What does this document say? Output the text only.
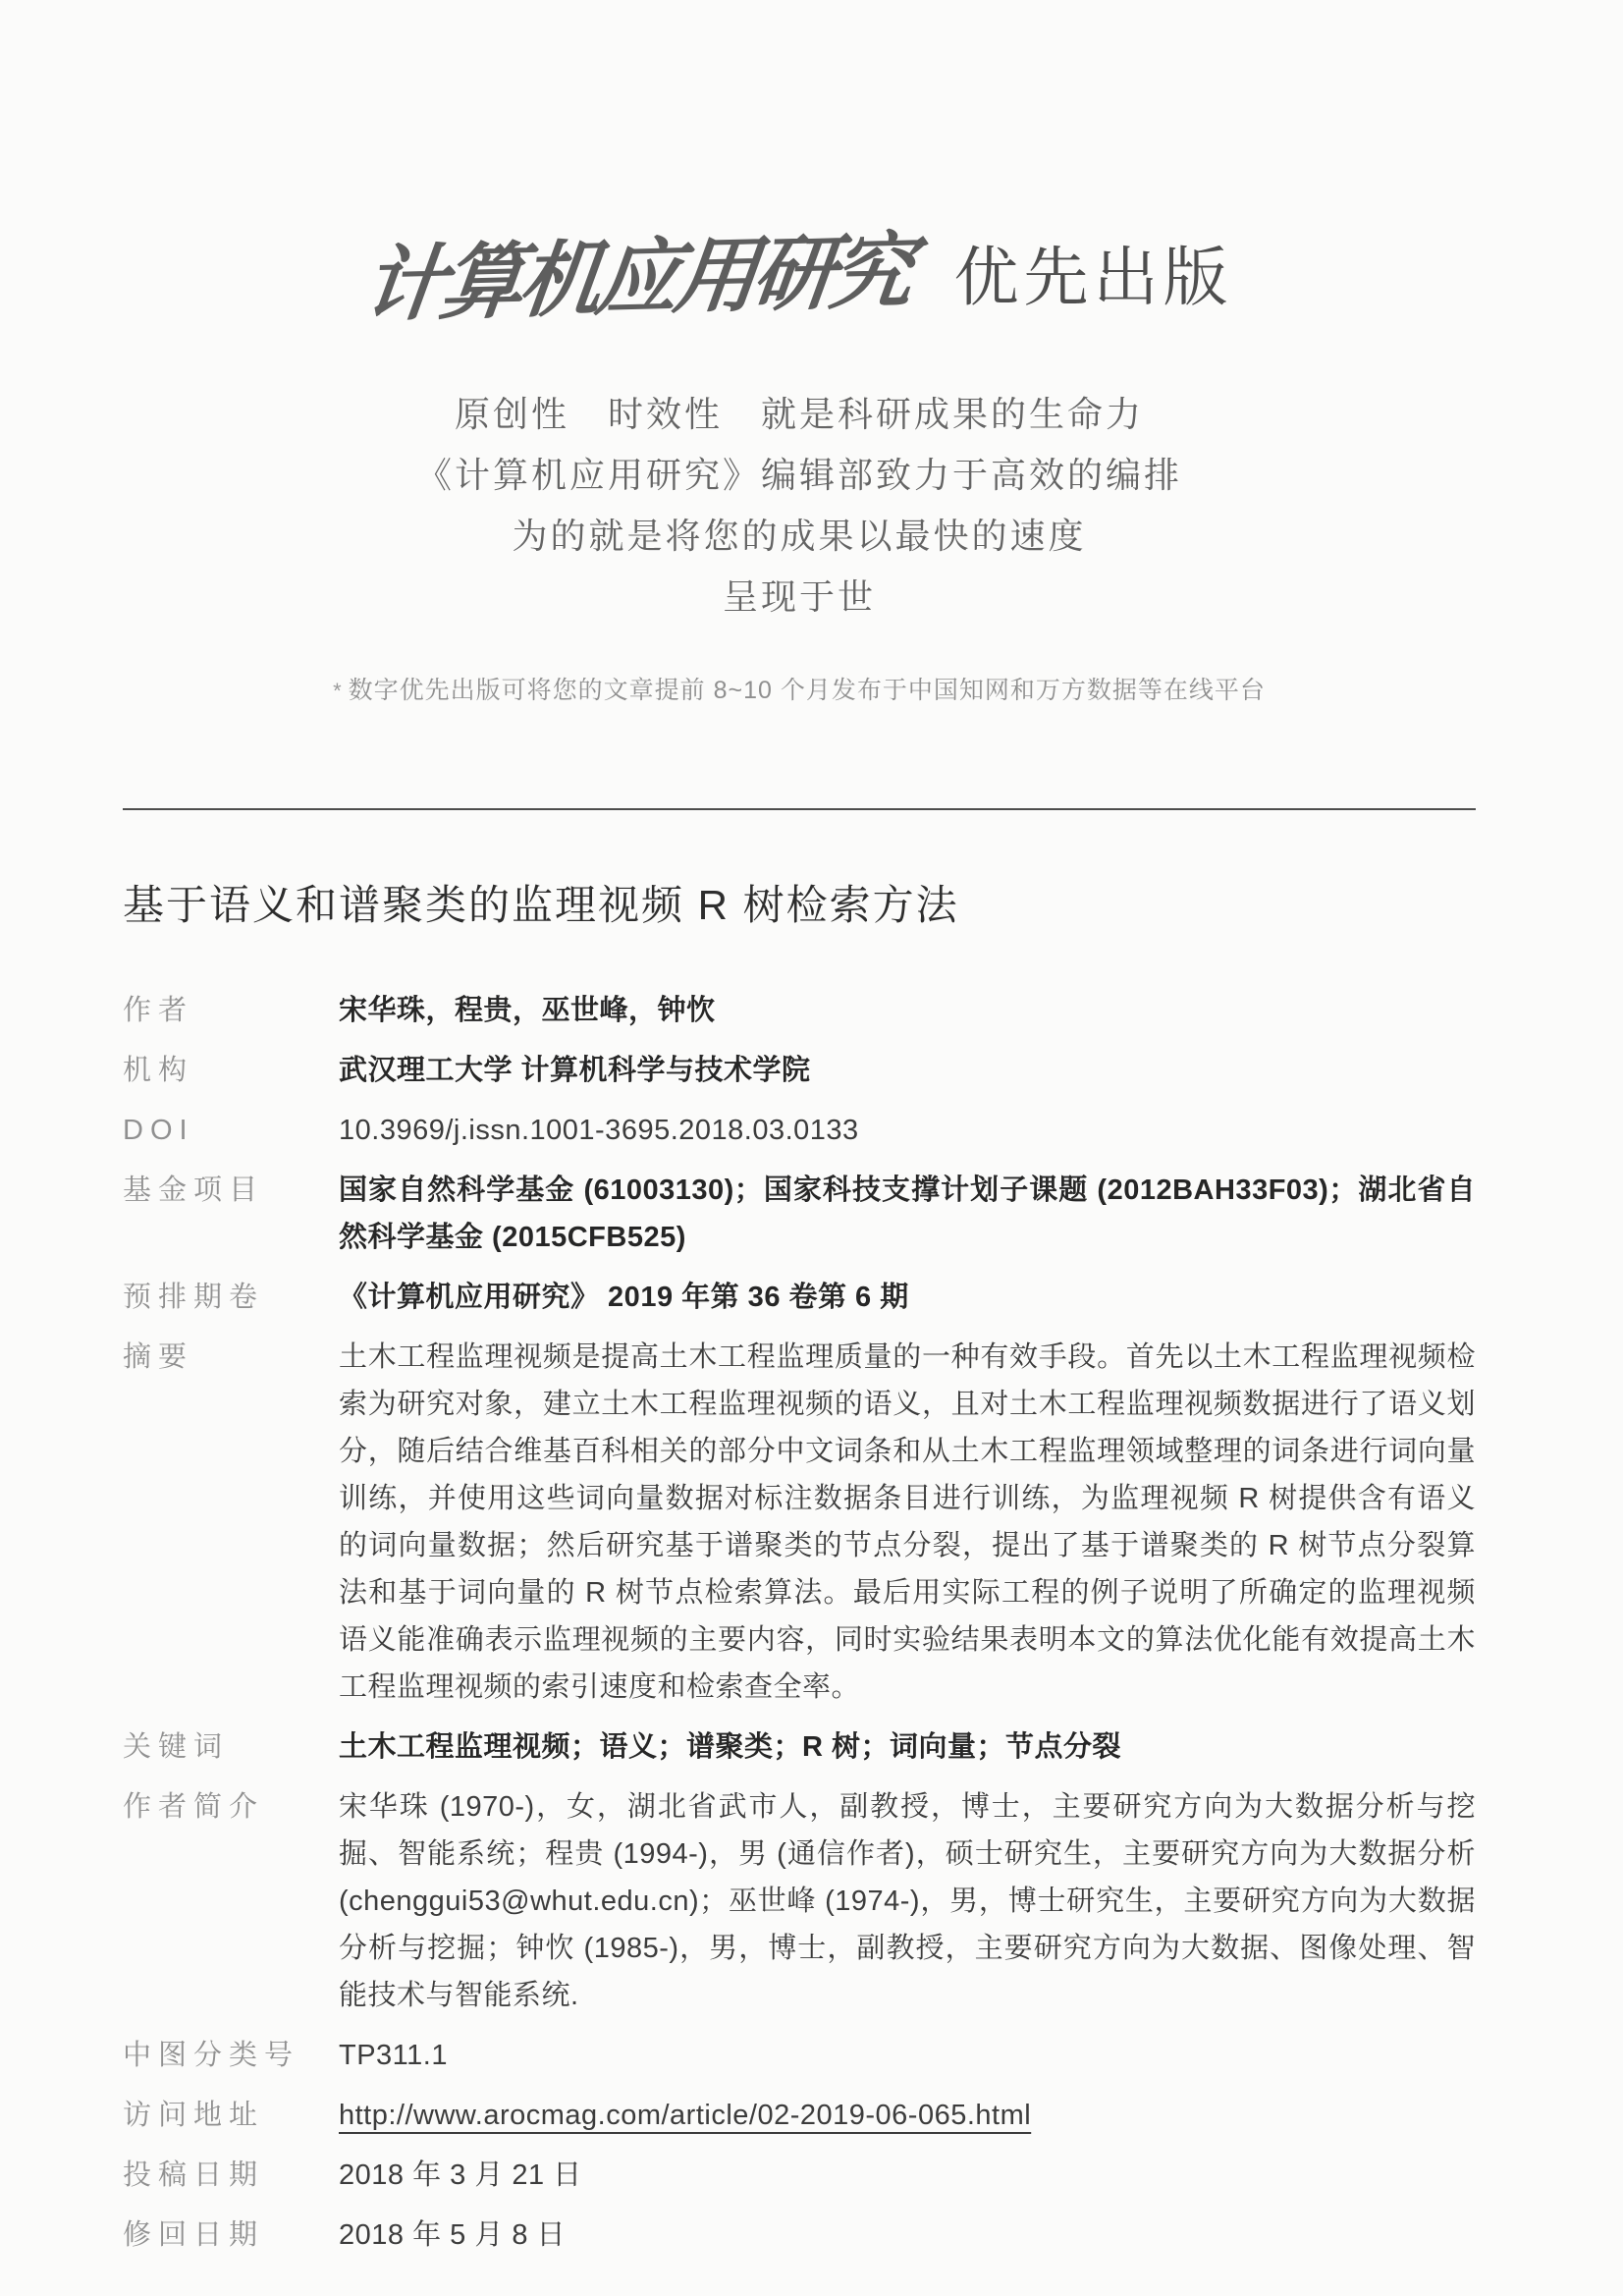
计算机应用研究 优先出版
原创性　时效性　就是科研成果的生命力
《计算机应用研究》编辑部致力于高效的编排
为的就是将您的成果以最快的速度
呈现于世

* 数字优先出版可将您的文章提前 8~10 个月发布于中国知网和万方数据等在线平台

基于语义和谱聚类的监理视频 R 树检索方法
作者	宋华珠，程贵，巫世峰，钟忺
机构	武汉理工大学 计算机科学与技术学院
DOI	10.3969/j.issn.1001-3695.2018.03.0133
基金项目	国家自然科学基金 (61003130)；国家科技支撑计划子课题 (2012BAH33F03)；湖北省自然科学基金 (2015CFB525)
预排期卷	《计算机应用研究》 2019 年第 36 卷第 6 期
摘要	土木工程监理视频是提高土木工程监理质量的一种有效手段。首先以土木工程监理视频检索为研究对象，建立土木工程监理视频的语义，且对土木工程监理视频数据进行了语义划分，随后结合维基百科相关的部分中文词条和从土木工程监理领域整理的词条进行词向量训练，并使用这些词向量数据对标注数据条目进行训练，为监理视频 R 树提供含有语义的词向量数据；然后研究基于谱聚类的节点分裂，提出了基于谱聚类的 R 树节点分裂算法和基于词向量的 R 树节点检索算法。最后用实际工程的例子说明了所确定的监理视频语义能准确表示监理视频的主要内容，同时实验结果表明本文的算法优化能有效提高土木工程监理视频的索引速度和检索查全率。
关键词	土木工程监理视频；语义；谱聚类；R 树；词向量；节点分裂
作者简介	宋华珠 (1970-)，女，湖北省武市人，副教授，博士，主要研究方向为大数据分析与挖掘、智能系统；程贵 (1994-)，男 (通信作者)，硕士研究生，主要研究方向为大数据分析 (chenggui53@whut.edu.cn)；巫世峰 (1974-)，男，博士研究生，主要研究方向为大数据分析与挖掘；钟忺 (1985-)，男，博士，副教授，主要研究方向为大数据、图像处理、智能技术与智能系统.
中图分类号	TP311.1
访问地址	http://www.arocmag.com/article/02-2019-06-065.html
投稿日期	2018 年 3 月 21 日
修回日期	2018 年 5 月 8 日
